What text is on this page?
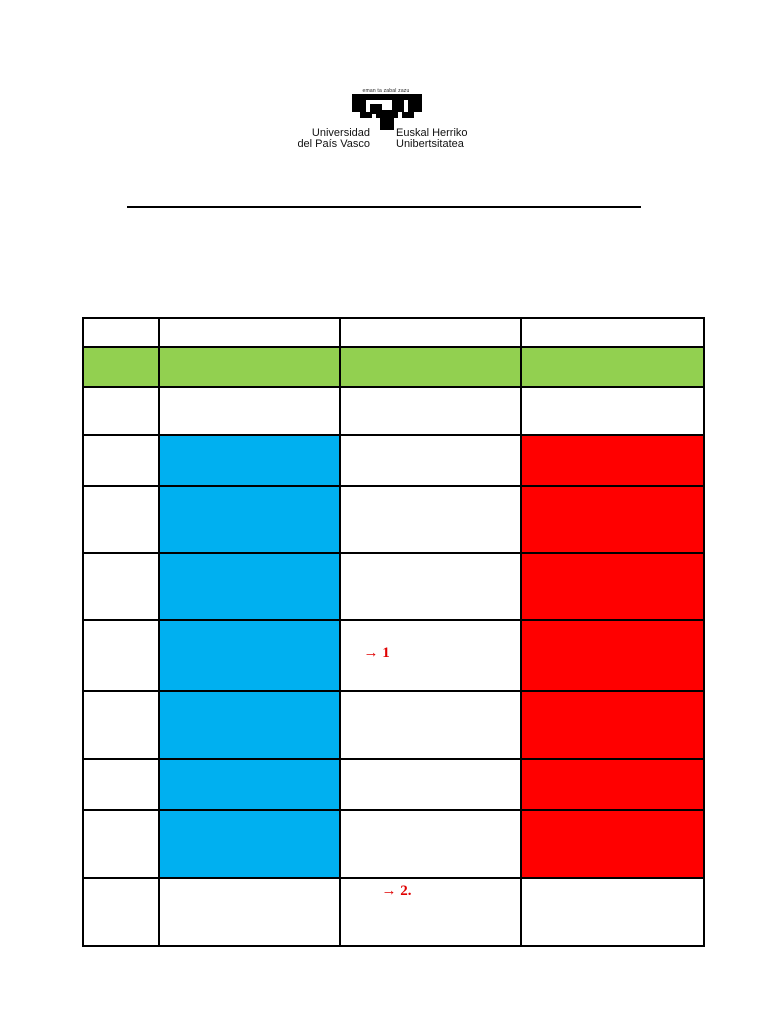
eman ta zabal zazu
Universidad
del País Vasco
Euskal Herriko
Unibertsitatea

		→ 1	

		→ 2.	
